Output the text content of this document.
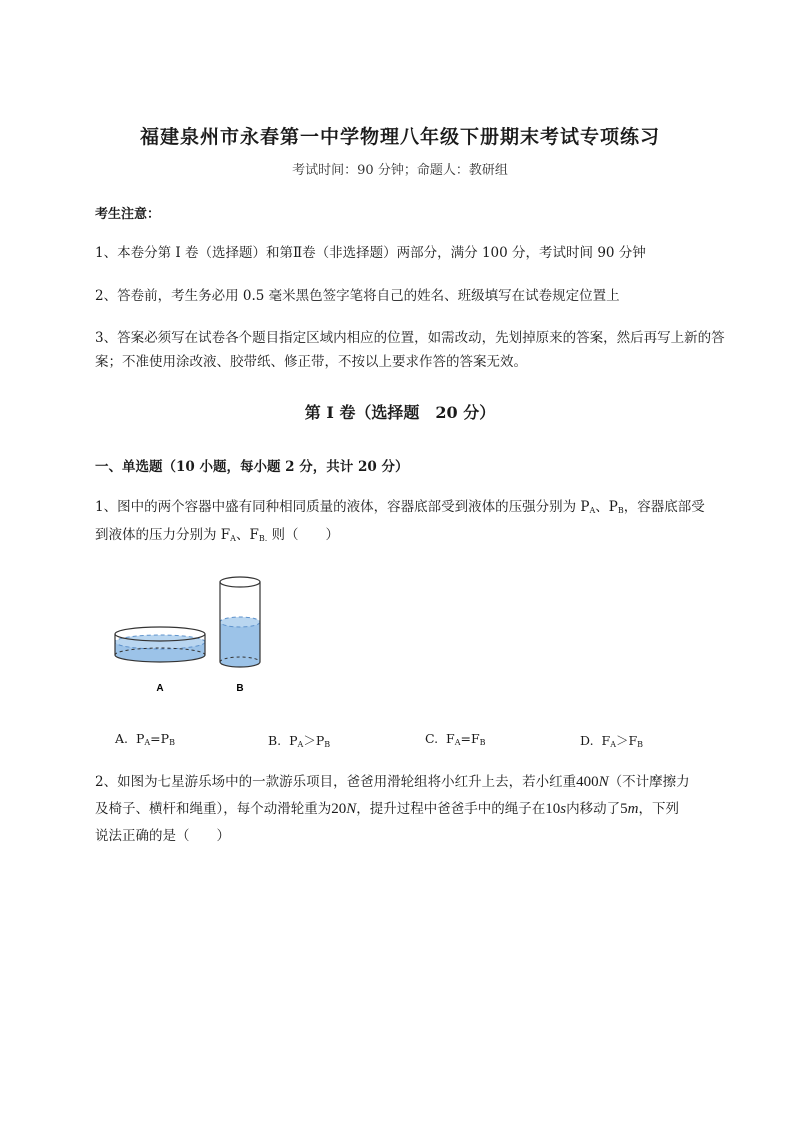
福建泉州市永春第一中学物理八年级下册期末考试专项练习
考试时间：90 分钟；命题人：教研组
考生注意：
1、本卷分第 I 卷（选择题）和第Ⅱ卷（非选择题）两部分，满分 100 分，考试时间 90 分钟
2、答卷前，考生务必用 0.5 毫米黑色签字笔将自己的姓名、班级填写在试卷规定位置上
3、答案必须写在试卷各个题目指定区域内相应的位置，如需改动，先划掉原来的答案，然后再写上新的答案；不准使用涂改液、胶带纸、修正带，不按以上要求作答的答案无效。
第 I 卷（选择题　20 分）
一、单选题（10 小题，每小题 2 分，共计 20 分）
1、图中的两个容器中盛有同种相同质量的液体，容器底部受到液体的压强分别为 $P_A$、$P_B$，容器底部受
到液体的压力分别为 $F_A$、$F_{B.}$ 则（　　）
A	B
A. $P_A=P_B$	B. $P_A>P_B$	C. $F_A=F_B$	D. $F_A>F_B$
2、如图为七星游乐场中的一款游乐项目，爸爸用滑轮组将小红升上去，若小红重400N（不计摩擦力
及椅子、横杆和绳重），每个动滑轮重为20N，提升过程中爸爸手中的绳子在10s内移动了5m，下列
说法正确的是（　　）
